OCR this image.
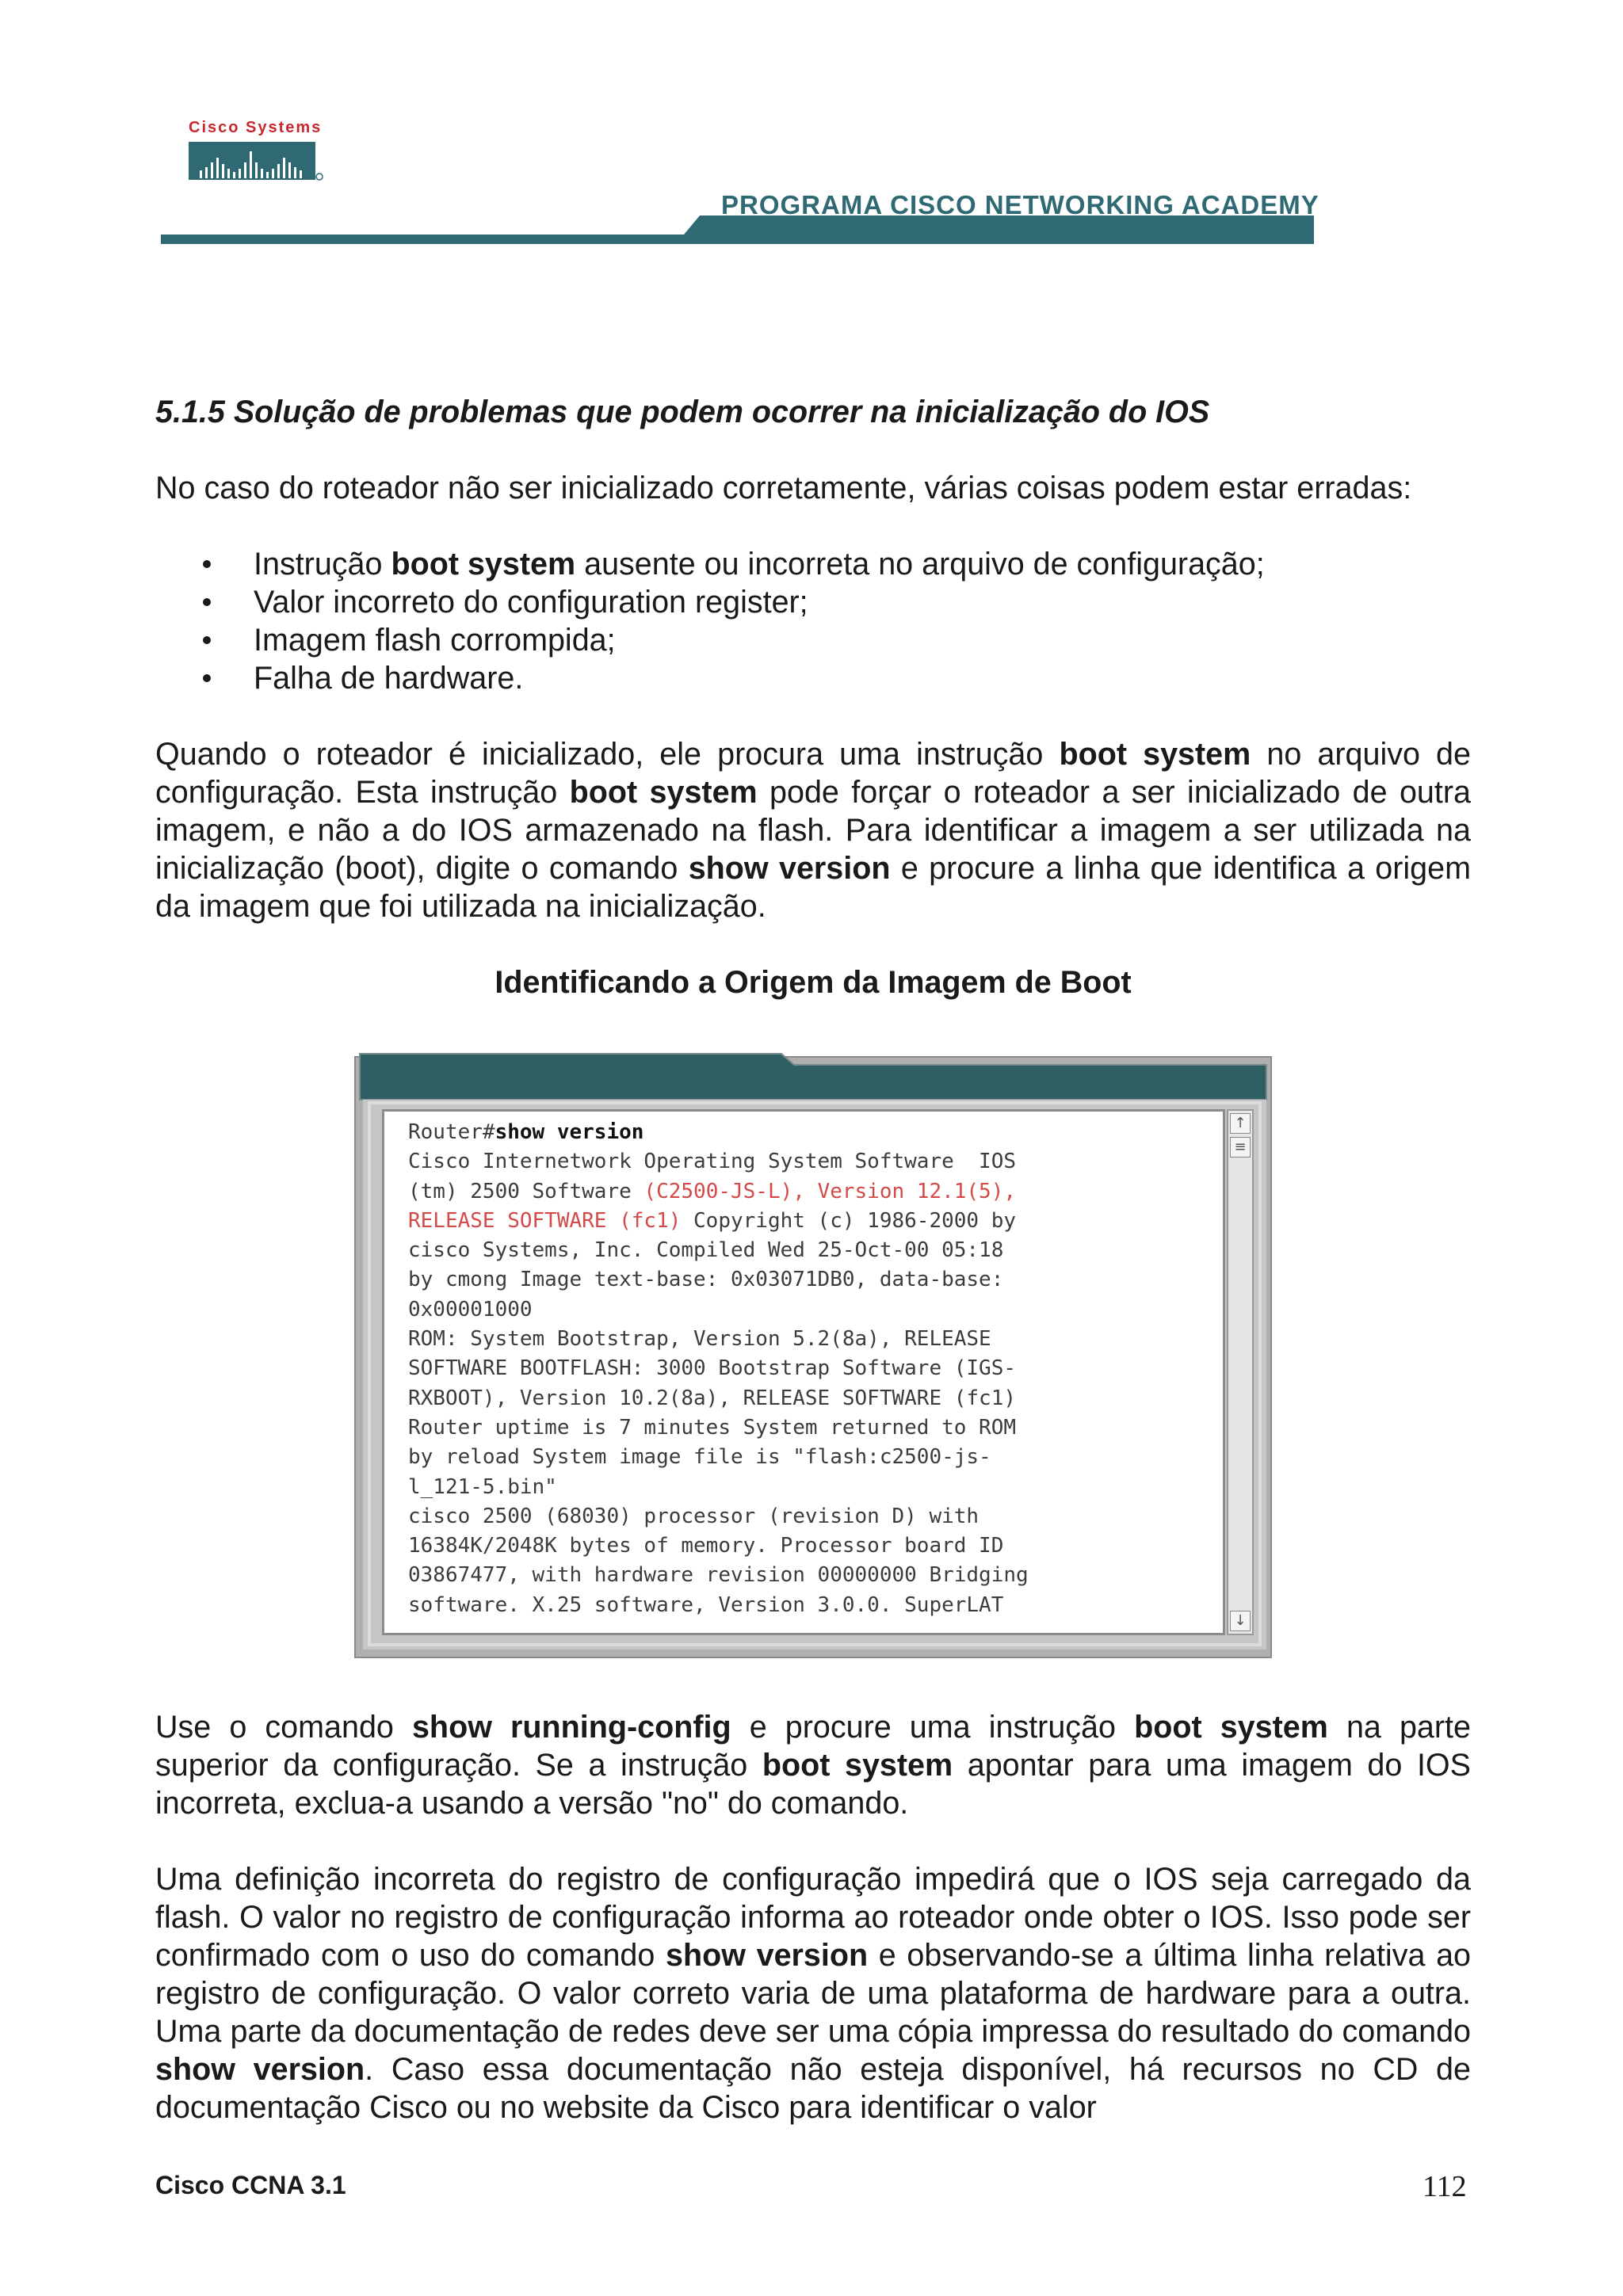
Cisco Systems
PROGRAMA CISCO NETWORKING ACADEMY
5.1.5 Solução de problemas que podem ocorrer na inicialização do IOS

No caso do roteador não ser inicializado corretamente, várias coisas podem estar erradas:

Instrução boot system ausente ou incorreta no arquivo de configuração;
Valor incorreto do configuration register;
Imagem flash corrompida;
Falha de hardware.

Quando o roteador é inicializado, ele procura uma instrução boot system no arquivo de configuração. Esta instrução boot system pode forçar o roteador a ser inicializado de outra imagem, e não a do IOS armazenado na flash. Para identificar a imagem a ser utilizada na inicialização (boot), digite o comando show version e procure a linha que identifica a origem da imagem que foi utilizada na inicialização.

Identificando a Origem da Imagem de Boot
Router#show version
Cisco Internetwork Operating System Software  IOS
(tm) 2500 Software (C2500-JS-L), Version 12.1(5),
RELEASE SOFTWARE (fc1) Copyright (c) 1986-2000 by
cisco Systems, Inc. Compiled Wed 25-Oct-00 05:18
by cmong Image text-base: 0x03071DB0, data-base:
0x00001000
ROM: System Bootstrap, Version 5.2(8a), RELEASE
SOFTWARE BOOTFLASH: 3000 Bootstrap Software (IGS-
RXBOOT), Version 10.2(8a), RELEASE SOFTWARE (fc1)
Router uptime is 7 minutes System returned to ROM
by reload System image file is "flash:c2500-js-
l_121-5.bin"
cisco 2500 (68030) processor (revision D) with
16384K/2048K bytes of memory. Processor board ID
03867477, with hardware revision 00000000 Bridging
software. X.25 software, Version 3.0.0. SuperLAT
↑
≡
↓

Use o comando show running-config e procure uma instrução boot system na parte superior da configuração. Se a instrução boot system apontar para uma imagem do IOS incorreta, exclua-a usando a versão "no" do comando.

Uma definição incorreta do registro de configuração impedirá que o IOS seja carregado da flash. O valor no registro de configuração informa ao roteador onde obter o IOS. Isso pode ser confirmado com o uso do comando show version e observando-se a última linha relativa ao registro de configuração. O valor correto varia de uma plataforma de hardware para a outra. Uma parte da documentação de redes deve ser uma cópia impressa do resultado do comando show version. Caso essa documentação não esteja disponível, há recursos no CD de documentação Cisco ou no website da Cisco para identificar o valor

Cisco CCNA 3.1	112
